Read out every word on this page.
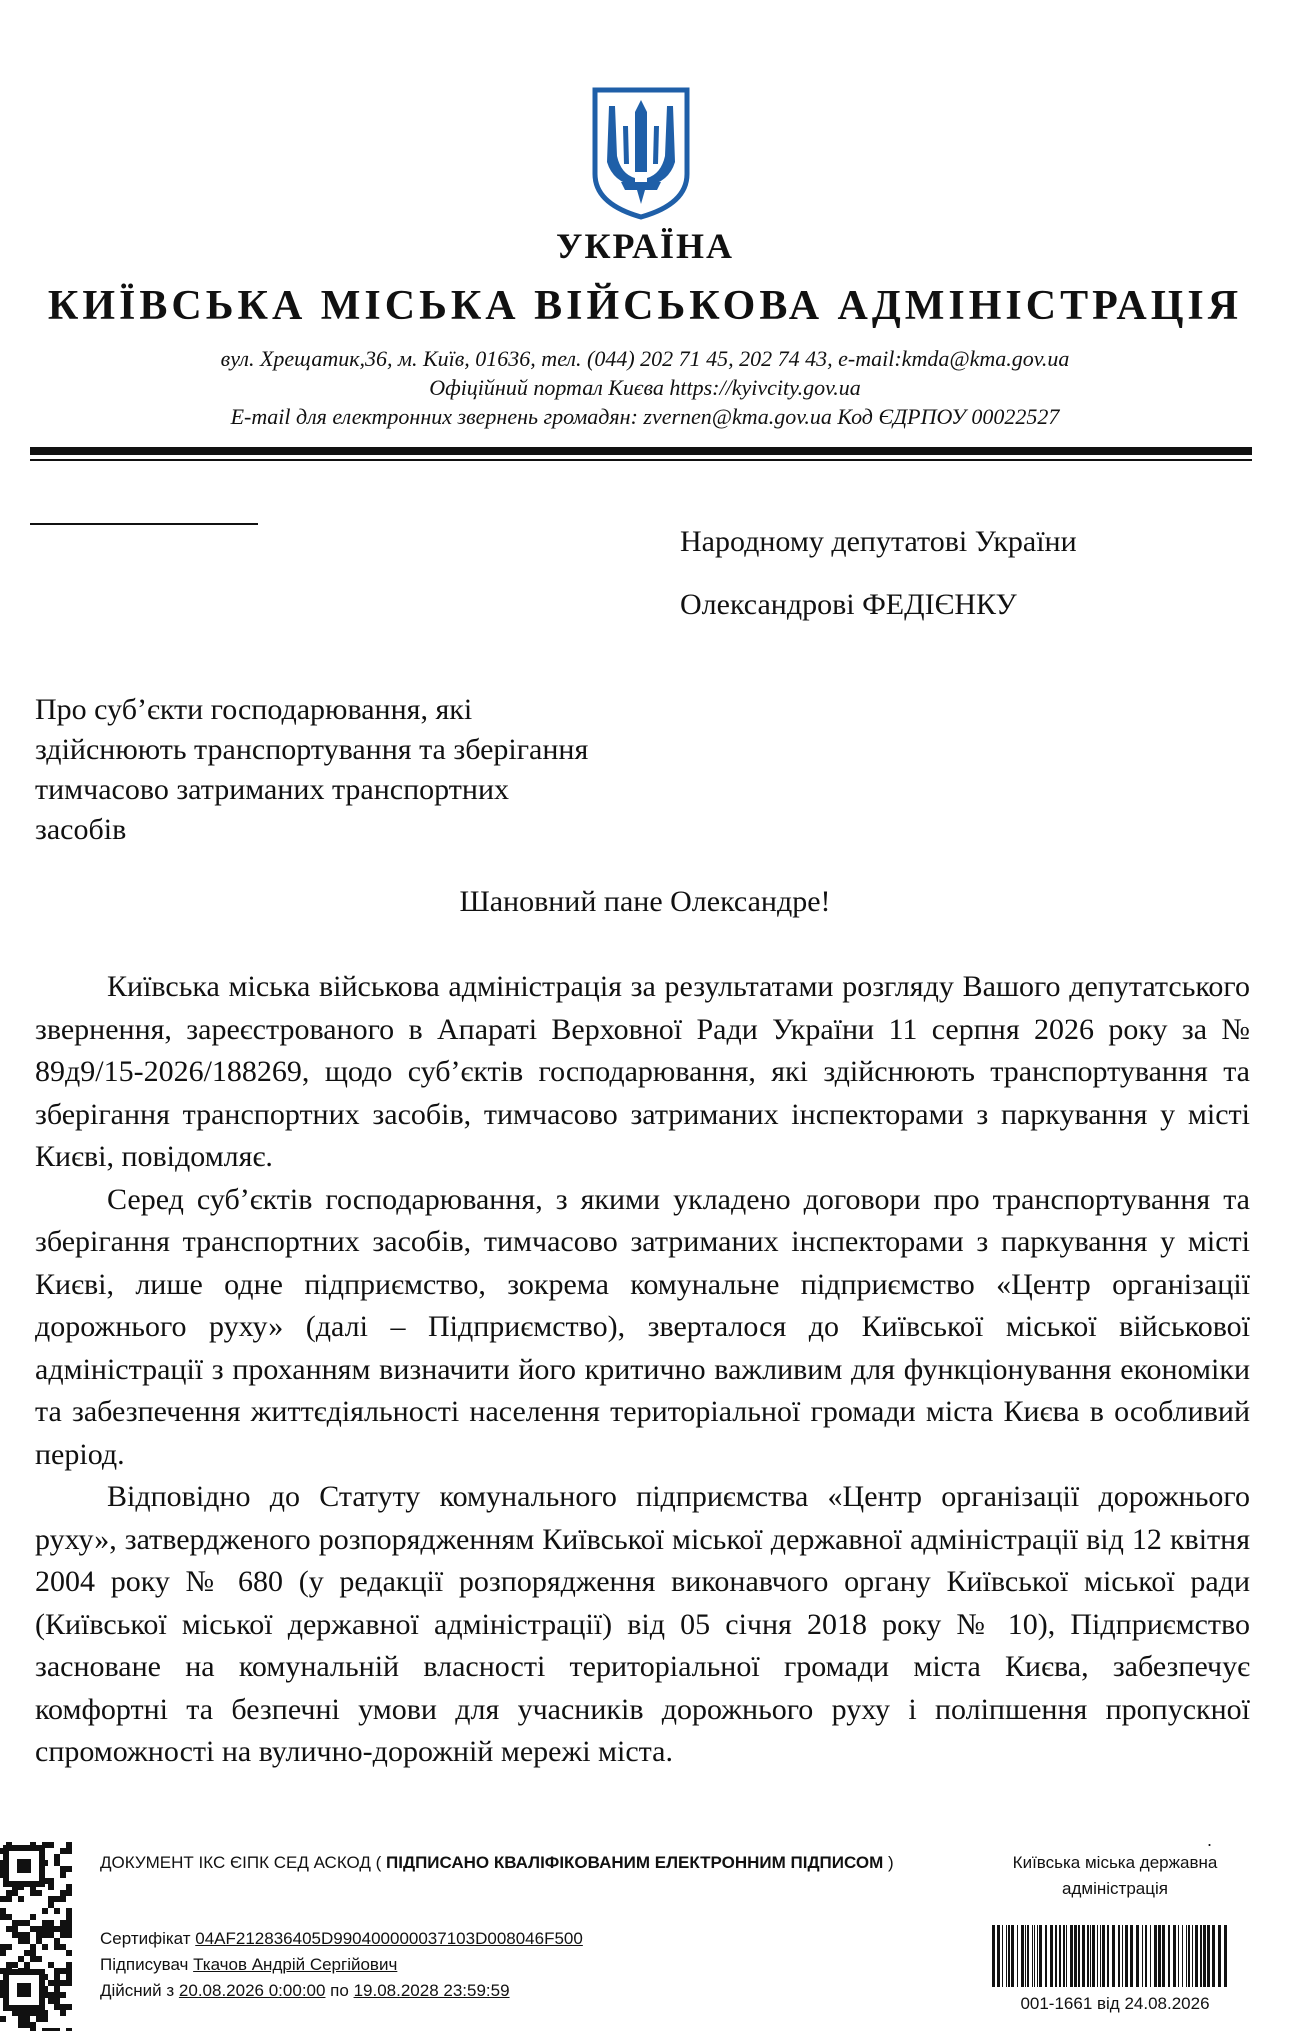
УКРАЇНА
КИЇВСЬКА МІСЬКА ВІЙСЬКОВА АДМІНІСТРАЦІЯ
вул. Хрещатик,36, м. Київ, 01636, тел. (044) 202 71 45, 202 74 43, e-mail:kmda@kma.gov.ua
Офіційний портал Києва https://kyivcity.gov.ua
E-mail для електронних звернень громадян: zvernen@kma.gov.ua Код ЄДРПОУ 00022527
Народному депутатові України
Олександрові ФЕДІЄНКУ
Про суб’єкти господарювання, які здійснюють транспортування та зберігання тимчасово затриманих транспортних засобів
Шановний пане Олександре!

Київська міська військова адміністрація за результатами розгляду Вашого депутатського звернення, зареєстрованого в Апараті Верховної Ради України 11 серпня 2026 року за № 89д9/15-2026/188269, щодо суб’єктів господарювання, які здійснюють транспортування та зберігання транспортних засобів, тимчасово затриманих інспекторами з паркування у місті Києві, повідомляє.

Серед суб’єктів господарювання, з якими укладено договори про транспортування та зберігання транспортних засобів, тимчасово затриманих інспекторами з паркування у місті Києві, лише одне підприємство, зокрема комунальне підприємство «Центр організації дорожнього руху» (далі – Підприємство), зверталося до Київської міської військової адміністрації з проханням визначити його критично важливим для функціонування економіки та забезпечення життєдіяльності населення територіальної громади міста Києва в особливий період.

Відповідно до Статуту комунального підприємства «Центр організації дорожнього руху», затвердженого розпорядженням Київської міської державної адміністрації від 12 квітня 2004 року № 680 (у редакції розпорядження виконавчого органу Київської міської ради (Київської міської державної адміністрації) від 05 січня 2018 року № 10), Підприємство засноване на комунальній власності територіальної громади міста Києва, забезпечує комфортні та безпечні умови для учасників дорожнього руху і поліпшення пропускної спроможності на вулично-дорожній мережі міста.

ДОКУМЕНТ ІКС ЄІПК СЕД АСКОД ( ПІДПИСАНО КВАЛІФІКОВАНИМ ЕЛЕКТРОННИМ ПІДПИСОМ )
Сертифікат 04AF212836405D990400000037103D008046F500
Підписувач Ткачов Андрій Сергійович
Дійсний з 20.08.2026 0:00:00 по 19.08.2028 23:59:59
.
Київська міська державна адміністрація
001-1661 від 24.08.2026
